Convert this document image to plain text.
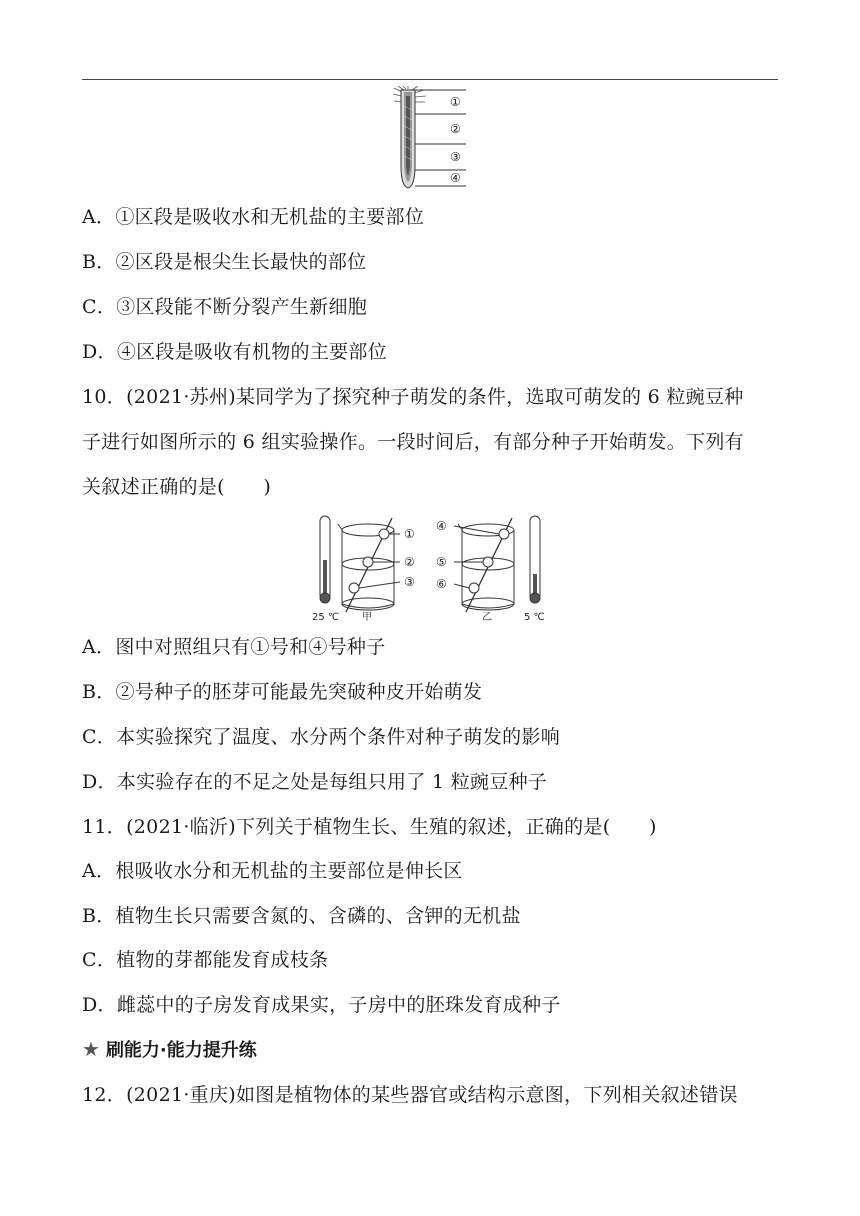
①
②
③
④
A．①区段是吸收水和无机盐的主要部位
B．②区段是根尖生长最快的部位
C．③区段能不断分裂产生新细胞
D．④区段是吸收有机物的主要部位
10．(2021·苏州)某同学为了探究种子萌发的条件，选取可萌发的 6 粒豌豆种
子进行如图所示的 6 组实验操作。一段时间后，有部分种子开始萌发。下列有
关叙述正确的是(　　)
①
②
③
④
⑤
⑥
25 ℃ 甲	乙	5 ℃
A．图中对照组只有①号和④号种子
B．②号种子的胚芽可能最先突破种皮开始萌发
C．本实验探究了温度、水分两个条件对种子萌发的影响
D．本实验存在的不足之处是每组只用了 1 粒豌豆种子
11．(2021·临沂)下列关于植物生长、生殖的叙述，正确的是(　　)
A．根吸收水分和无机盐的主要部位是伸长区
B．植物生长只需要含氮的、含磷的、含钾的无机盐
C．植物的芽都能发育成枝条
D．雌蕊中的子房发育成果实，子房中的胚珠发育成种子
★ 刷能力·能力提升练
12．(2021·重庆)如图是植物体的某些器官或结构示意图，下列相关叙述错误
